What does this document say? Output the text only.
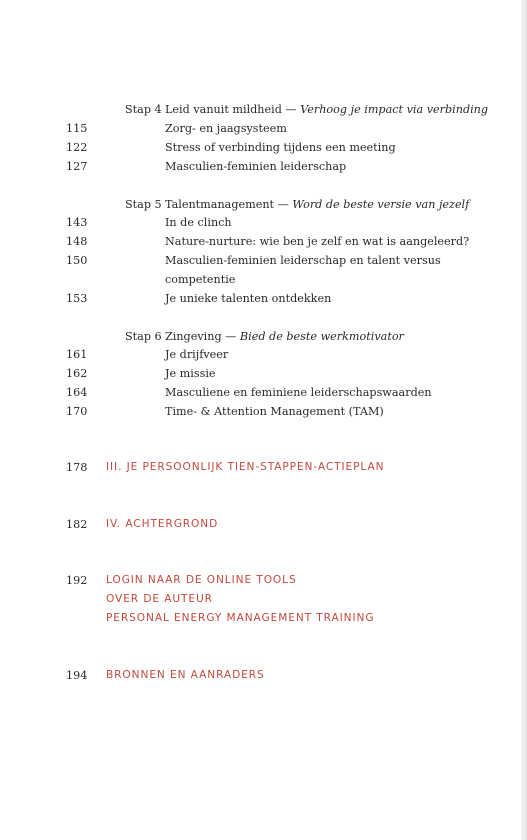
Stap 4 Leid vanuit mildheid — Verhoog je impact via verbinding
115	Zorg- en jaagsysteem
122	Stress of verbinding tijdens een meeting
127	Masculien-feminien leiderschap
Stap 5 Talentmanagement — Word de beste versie van jezelf
143	In de clinch
148	Nature-nurture: wie ben je zelf en wat is aangeleerd?
150	Masculien-feminien leiderschap en talent versus
competentie
153	Je unieke talenten ontdekken
Stap 6 Zingeving — Bied de beste werkmotivator
161	Je drijfveer
162	Je missie
164	Masculiene en feminiene leiderschapswaarden
170	Time- & Attention Management (TAM)
178 III. JE PERSOONLIJK TIEN-STAPPEN-ACTIEPLAN
182 IV. ACHTERGROND
192 LOGIN NAAR DE ONLINE TOOLS
OVER DE AUTEUR
PERSONAL ENERGY MANAGEMENT TRAINING
194 BRONNEN EN AANRADERS
